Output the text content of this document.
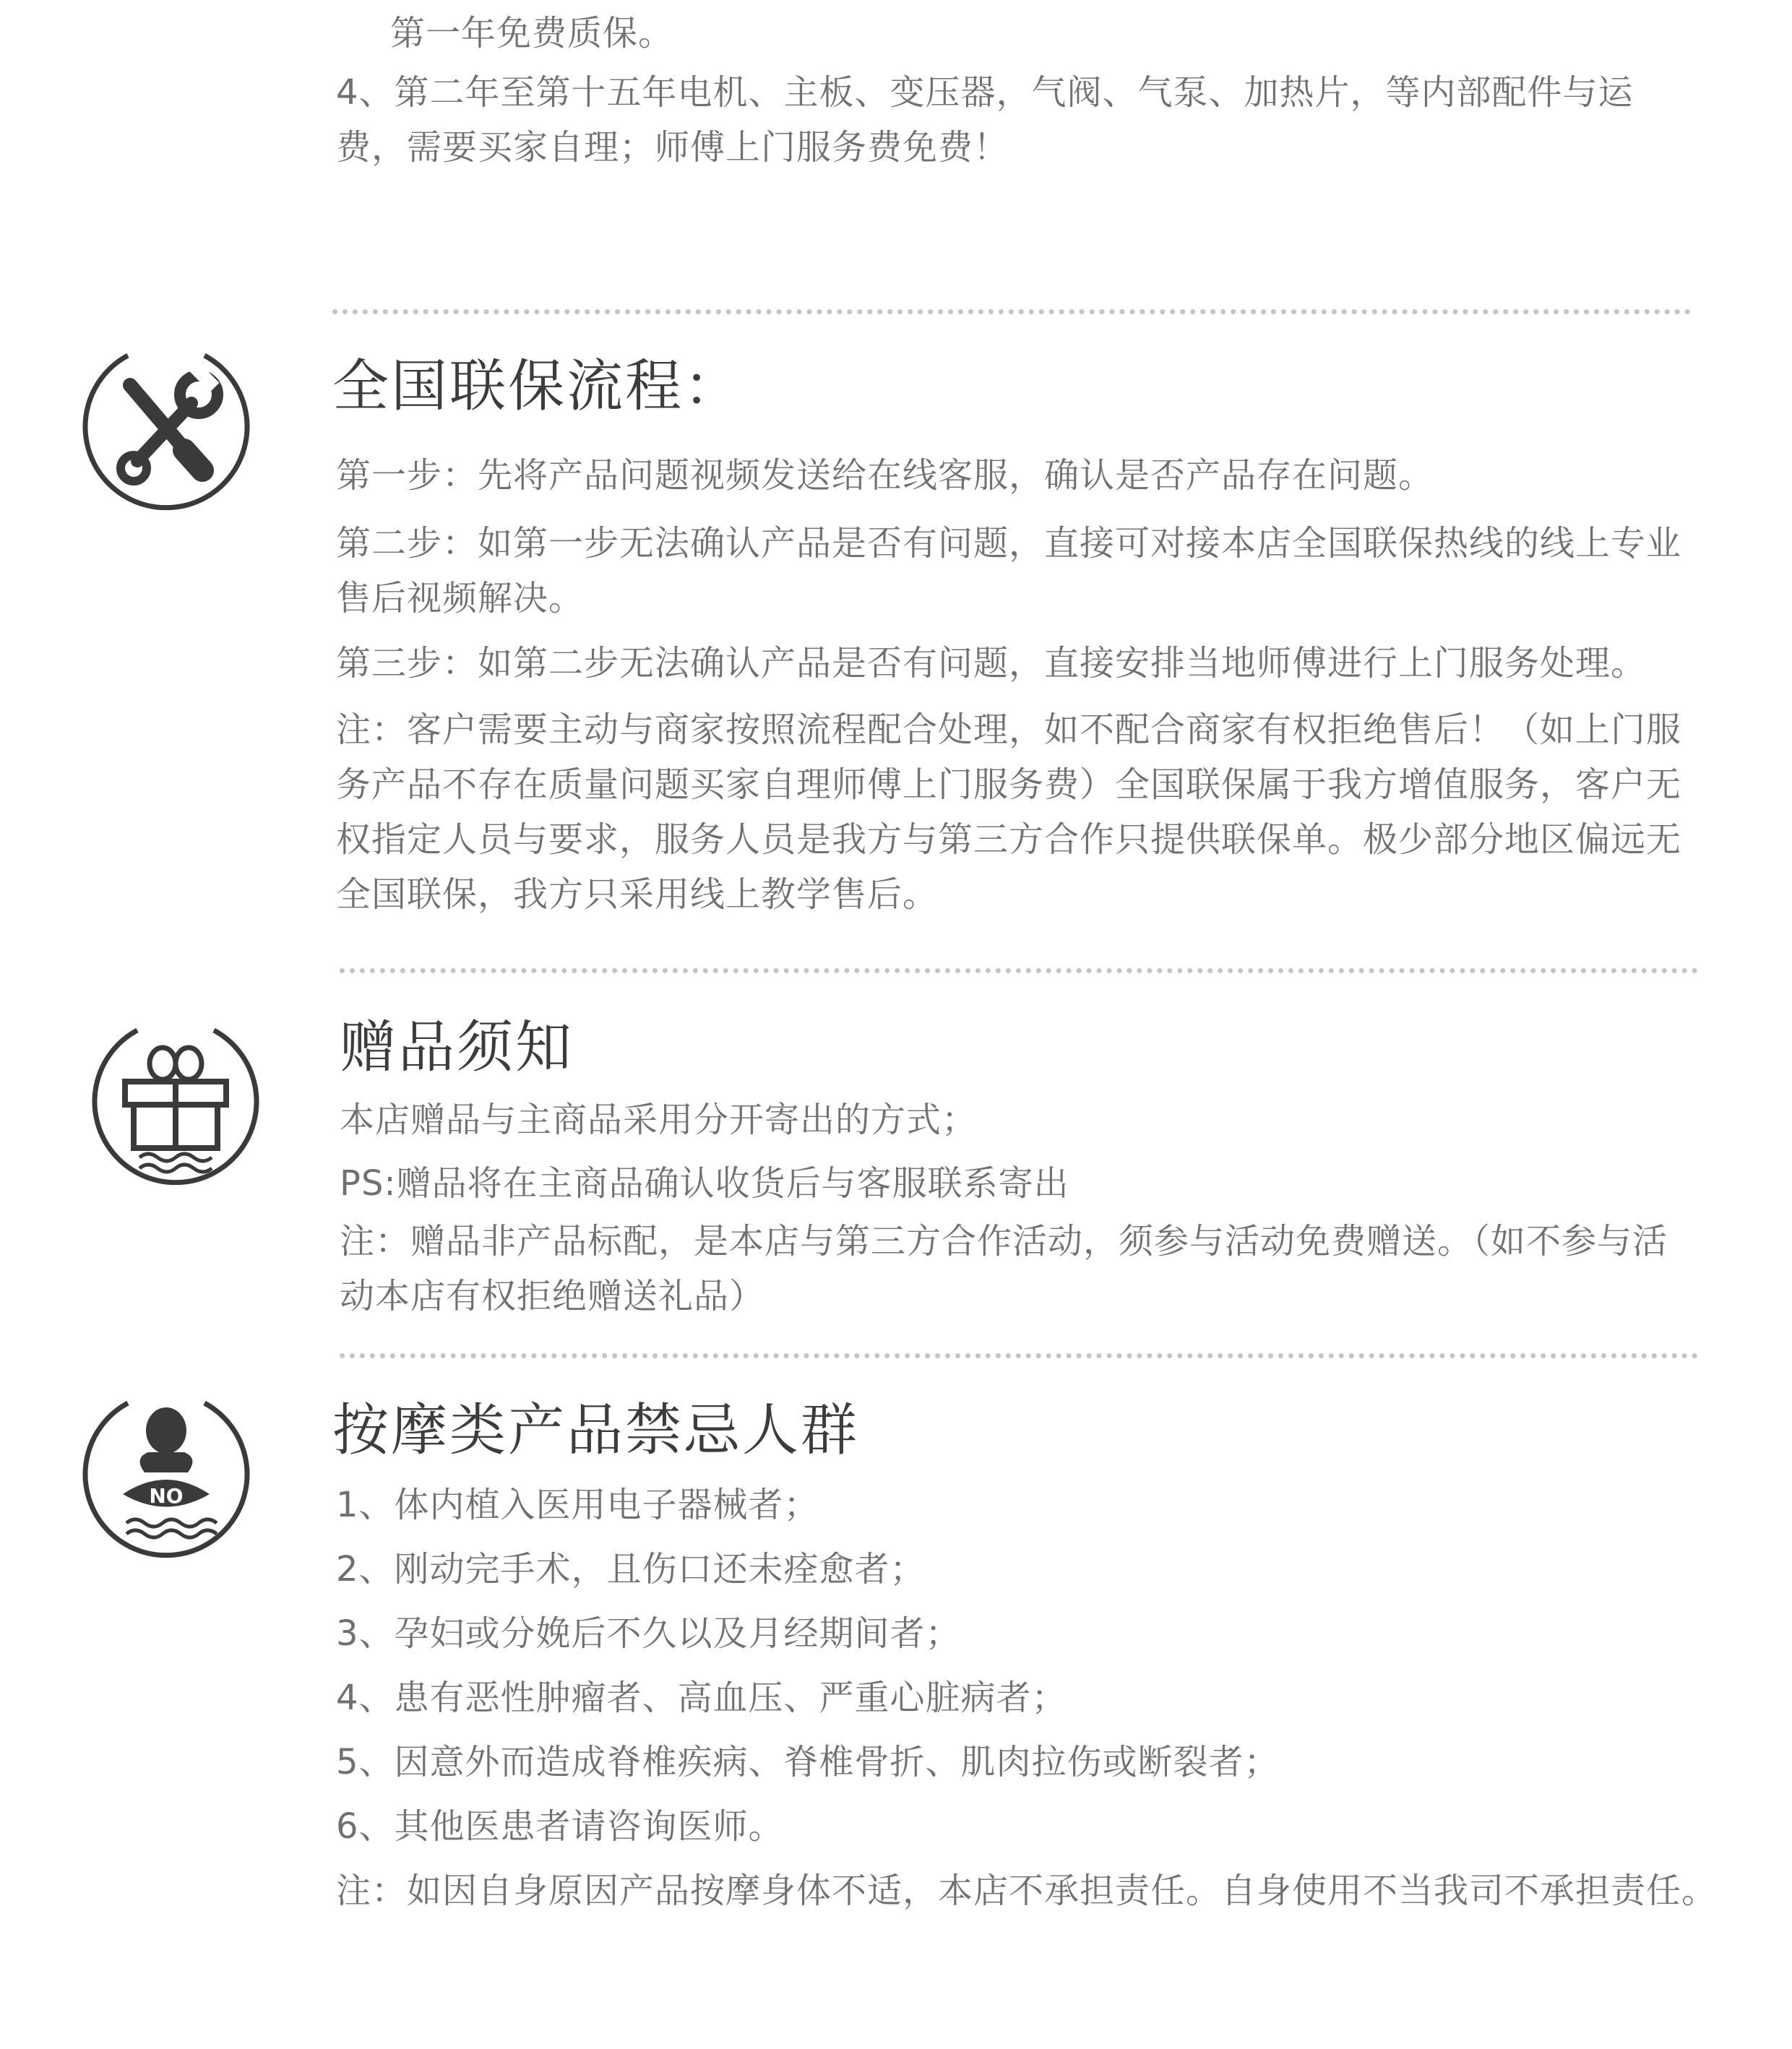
第一年免费质保。

4、第二年至第十五年电机、主板、变压器，气阀、气泵、加热片，等内部配件与运费，需要买家自理；师傅上门服务费免费！

全国联保流程：

第一步：先将产品问题视频发送给在线客服，确认是否产品存在问题。

第二步：如第一步无法确认产品是否有问题，直接可对接本店全国联保热线的线上专业售后视频解决。

第三步：如第二步无法确认产品是否有问题，直接安排当地师傅进行上门服务处理。

注：客户需要主动与商家按照流程配合处理，如不配合商家有权拒绝售后！（如上门服务产品不存在质量问题买家自理师傅上门服务费）全国联保属于我方增值服务，客户无权指定人员与要求，服务人员是我方与第三方合作只提供联保单。极少部分地区偏远无全国联保，我方只采用线上教学售后。

赠品须知

本店赠品与主商品采用分开寄出的方式；

PS:赠品将在主商品确认收货后与客服联系寄出

注：赠品非产品标配，是本店与第三方合作活动，须参与活动免费赠送。（如不参与活动本店有权拒绝赠送礼品）

NO
按摩类产品禁忌人群

1、体内植入医用电子器械者；

2、刚动完手术，且伤口还未痊愈者；

3、孕妇或分娩后不久以及月经期间者；

4、患有恶性肿瘤者、高血压、严重心脏病者；

5、因意外而造成脊椎疾病、脊椎骨折、肌肉拉伤或断裂者；

6、其他医患者请咨询医师。

注：如因自身原因产品按摩身体不适，本店不承担责任。自身使用不当我司不承担责任。
